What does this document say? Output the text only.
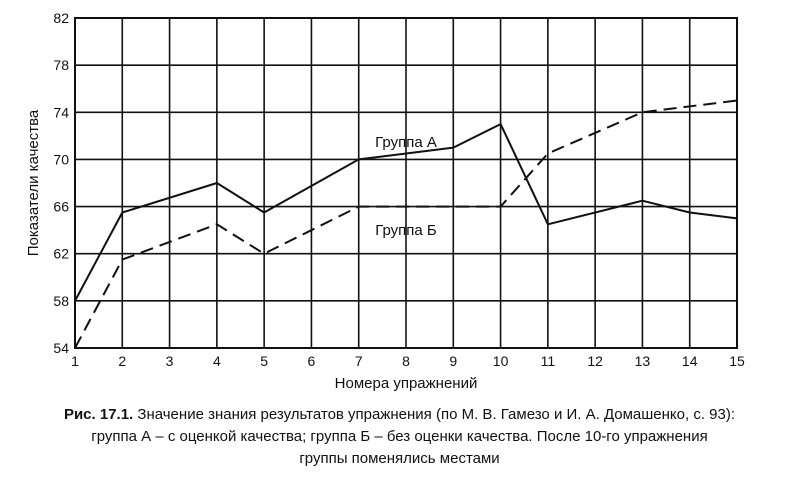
1	2	3	4	5	6	7	8	9	10 11 12 13 14 15
54
58
62
66
70
74
78
82
Группа А
Группа Б
Номера упражнений
Показатели качества
Рис. 17.1. Значение знания результатов упражнения (по М. В. Гамезо и И. А. Домашенко, с. 93):
группа А – с оценкой качества; группа Б – без оценки качества. После 10-го упражнения
группы поменялись местами
